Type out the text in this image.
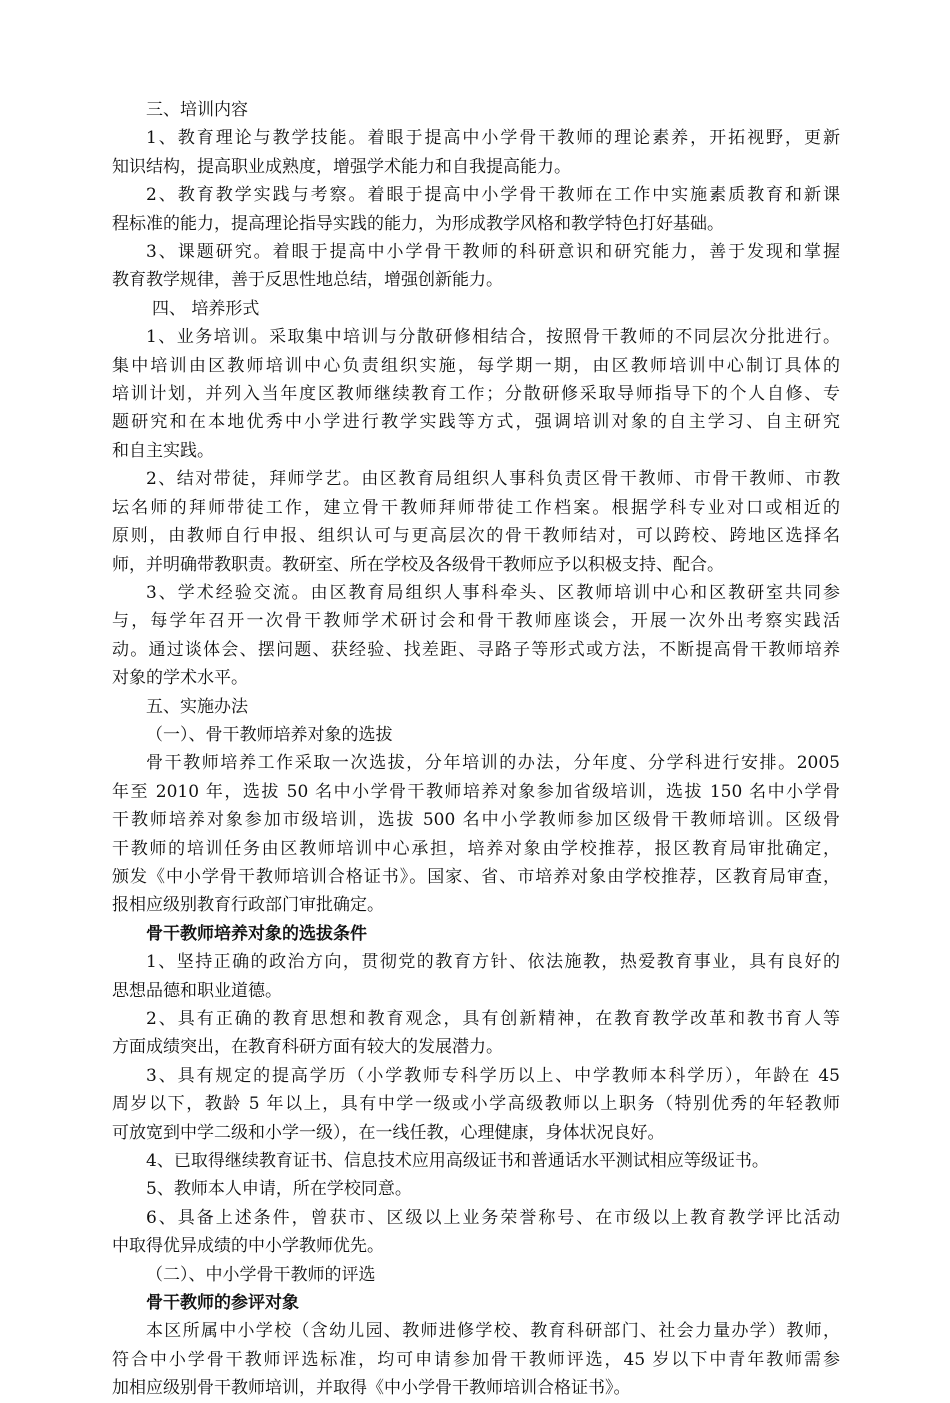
三、培训内容
1、教育理论与教学技能。着眼于提高中小学骨干教师的理论素养，开拓视野，更新
知识结构，提高职业成熟度，增强学术能力和自我提高能力。
2、教育教学实践与考察。着眼于提高中小学骨干教师在工作中实施素质教育和新课
程标准的能力，提高理论指导实践的能力，为形成教学风格和教学特色打好基础。
3、课题研究。着眼于提高中小学骨干教师的科研意识和研究能力，善于发现和掌握
教育教学规律，善于反思性地总结，增强创新能力。
四、 培养形式
1、业务培训。采取集中培训与分散研修相结合，按照骨干教师的不同层次分批进行。
集中培训由区教师培训中心负责组织实施，每学期一期，由区教师培训中心制订具体的
培训计划，并列入当年度区教师继续教育工作；分散研修采取导师指导下的个人自修、专
题研究和在本地优秀中小学进行教学实践等方式，强调培训对象的自主学习、自主研究
和自主实践。
2、结对带徒，拜师学艺。由区教育局组织人事科负责区骨干教师、市骨干教师、市教
坛名师的拜师带徒工作，建立骨干教师拜师带徒工作档案。根据学科专业对口或相近的
原则，由教师自行申报、组织认可与更高层次的骨干教师结对，可以跨校、跨地区选择名
师，并明确带教职责。教研室、所在学校及各级骨干教师应予以积极支持、配合。
3、学术经验交流。由区教育局组织人事科牵头、区教师培训中心和区教研室共同参
与，每学年召开一次骨干教师学术研讨会和骨干教师座谈会，开展一次外出考察实践活
动。通过谈体会、摆问题、获经验、找差距、寻路子等形式或方法，不断提高骨干教师培养
对象的学术水平。
五、实施办法
（一）、骨干教师培养对象的选拔
骨干教师培养工作采取一次选拔，分年培训的办法，分年度、分学科进行安排。2005
年至 2010 年，选拔 50 名中小学骨干教师培养对象参加省级培训，选拔 150 名中小学骨
干教师培养对象参加市级培训，选拔 500 名中小学教师参加区级骨干教师培训。区级骨
干教师的培训任务由区教师培训中心承担，培养对象由学校推荐，报区教育局审批确定，
颁发《中小学骨干教师培训合格证书》。国家、省、市培养对象由学校推荐，区教育局审查，
报相应级别教育行政部门审批确定。
骨干教师培养对象的选拔条件
1、坚持正确的政治方向，贯彻党的教育方针、依法施教，热爱教育事业，具有良好的
思想品德和职业道德。
2、具有正确的教育思想和教育观念，具有创新精神，在教育教学改革和教书育人等
方面成绩突出，在教育科研方面有较大的发展潜力。
3、具有规定的提高学历（小学教师专科学历以上、中学教师本科学历），年龄在 45
周岁以下，教龄 5 年以上，具有中学一级或小学高级教师以上职务（特别优秀的年轻教师
可放宽到中学二级和小学一级），在一线任教，心理健康，身体状况良好。
4、已取得继续教育证书、信息技术应用高级证书和普通话水平测试相应等级证书。
5、教师本人申请，所在学校同意。
6、具备上述条件，曾获市、区级以上业务荣誉称号、在市级以上教育教学评比活动
中取得优异成绩的中小学教师优先。
（二）、中小学骨干教师的评选
骨干教师的参评对象
本区所属中小学校（含幼儿园、教师进修学校、教育科研部门、社会力量办学）教师，
符合中小学骨干教师评选标准，均可申请参加骨干教师评选，45 岁以下中青年教师需参
加相应级别骨干教师培训，并取得《中小学骨干教师培训合格证书》。
